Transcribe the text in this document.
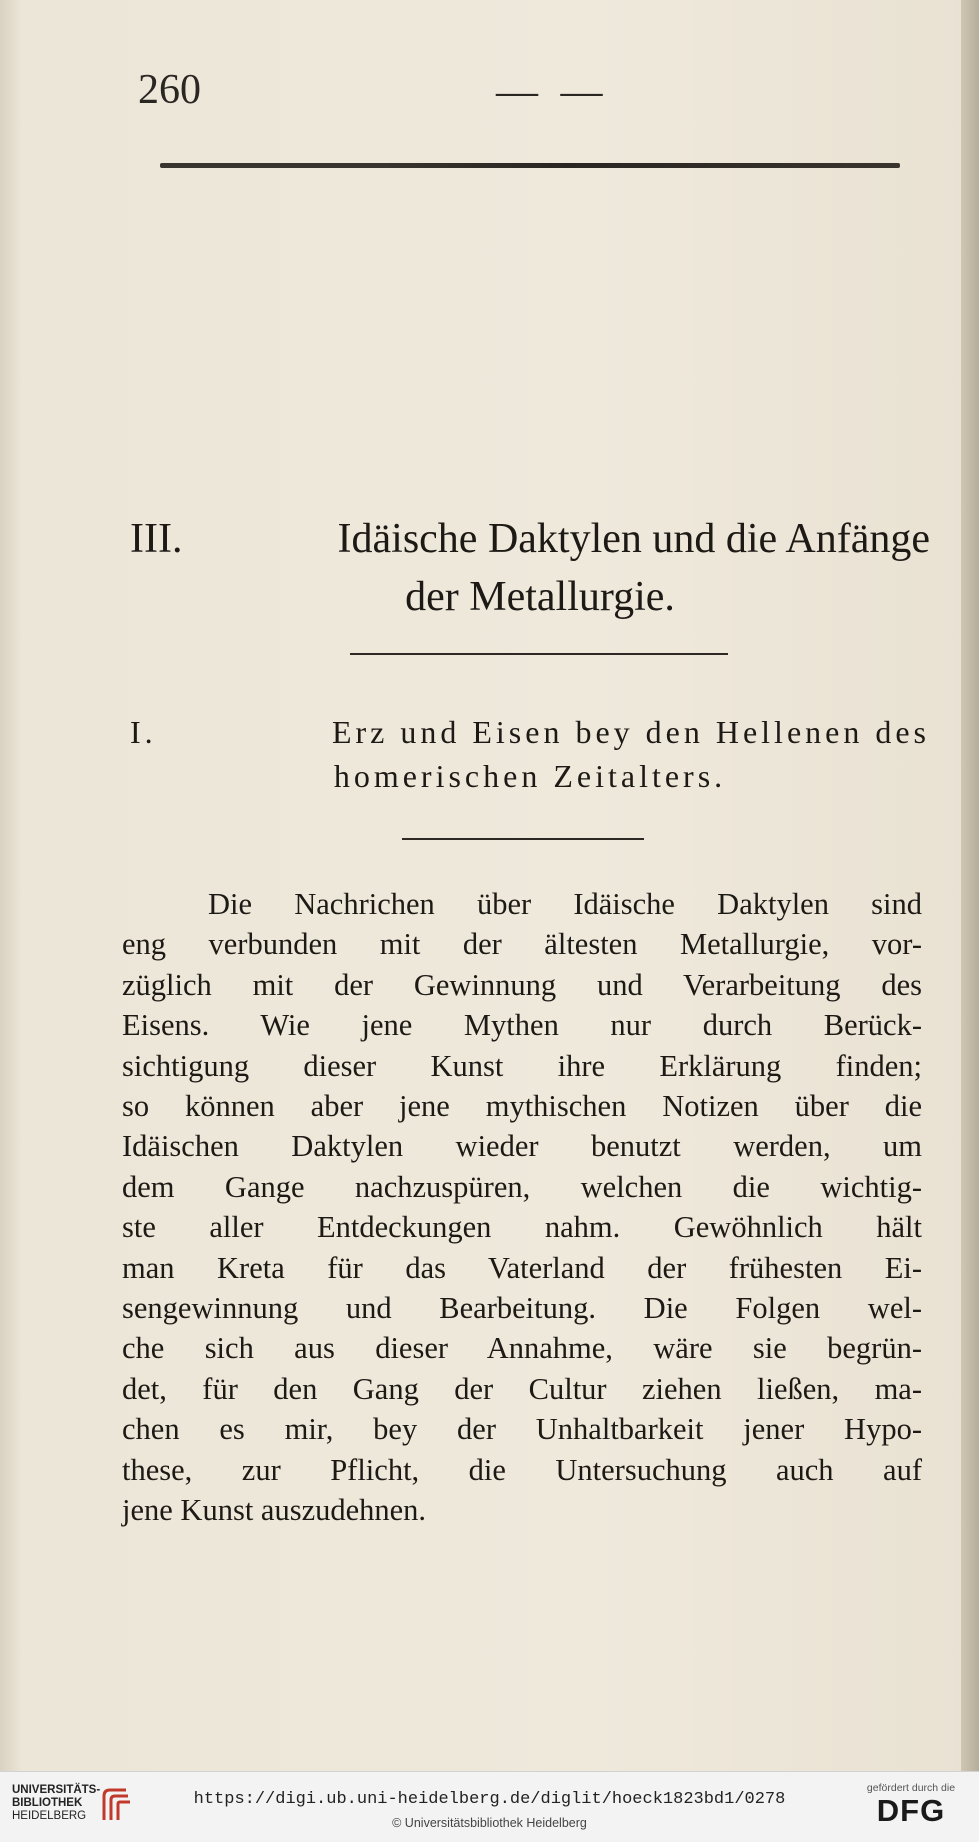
260	— —
III.	Idäische Daktylen und die Anfänge
der Metallurgie.
I.	Erz und Eisen bey den Hellenen des
homerischen Zeitalters.
Die Nachrichen über Idäische Daktylen sind
eng verbunden mit der ältesten Metallurgie, vor-
züglich mit der Gewinnung und Verarbeitung des
Eisens. Wie jene Mythen nur durch Berück-
sichtigung dieser Kunst ihre Erklärung finden;
so können aber jene mythischen Notizen über die
Idäischen Daktylen wieder benutzt werden, um
dem Gange nachzuspüren, welchen die wichtig-
ste aller Entdeckungen nahm. Gewöhnlich hält
man Kreta für das Vaterland der frühesten Ei-
sengewinnung und Bearbeitung. Die Folgen wel-
che sich aus dieser Annahme, wäre sie begrün-
det, für den Gang der Cultur ziehen ließen, ma-
chen es mir, bey der Unhaltbarkeit jener Hypo-
these, zur Pflicht, die Untersuchung auch auf
jene Kunst auszudehnen.
UNIVERSITÄTS-
BIBLIOTHEK
HEIDELBERG
https://digi.ub.uni-heidelberg.de/diglit/hoeck1823bd1/0278
© Universitätsbibliothek Heidelberg
gefördert durch die
DFG
